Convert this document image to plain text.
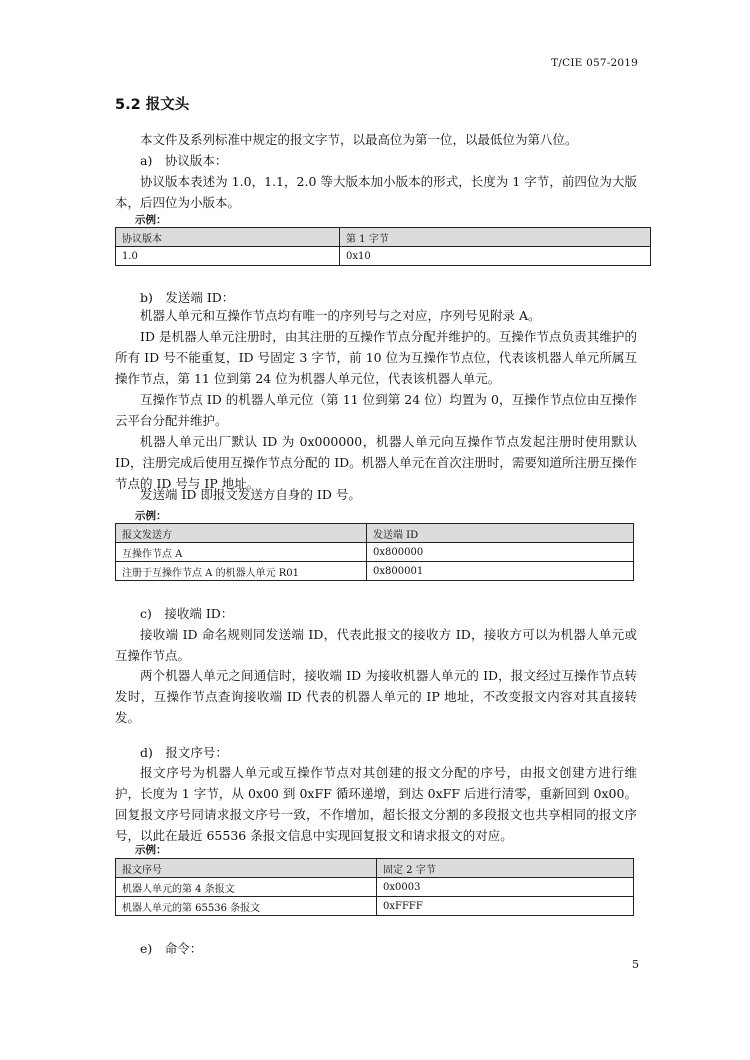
T/CIE 057-2019
5.2 报文头

本文件及系列标准中规定的报文字节，以最高位为第一位，以最低位为第八位。

a)　协议版本：

协议版本表述为 1.0，1.1，2.0 等大版本加小版本的形式，长度为 1 字节，前四位为大版本，后四位为小版本。

示例：
协议版本	第 1 字节
1.0	0x10
b)　发送端 ID：

机器人单元和互操作节点均有唯一的序列号与之对应，序列号见附录 A。

ID 是机器人单元注册时，由其注册的互操作节点分配并维护的。互操作节点负责其维护的所有 ID 号不能重复，ID 号固定 3 字节，前 10 位为互操作节点位，代表该机器人单元所属互操作节点，第 11 位到第 24 位为机器人单元位，代表该机器人单元。

互操作节点 ID 的机器人单元位（第 11 位到第 24 位）均置为 0，互操作节点位由互操作云平台分配并维护。

机器人单元出厂默认 ID 为 0x000000，机器人单元向互操作节点发起注册时使用默认 ID，注册完成后使用互操作节点分配的 ID。机器人单元在首次注册时，需要知道所注册互操作节点的 ID 号与 IP 地址。

发送端 ID 即报文发送方自身的 ID 号。

示例：
报文发送方	发送端 ID
互操作节点 A	0x800000
注册于互操作节点 A 的机器人单元 R01	0x800001
c)　接收端 ID：

接收端 ID 命名规则同发送端 ID，代表此报文的接收方 ID，接收方可以为机器人单元或互操作节点。

两个机器人单元之间通信时，接收端 ID 为接收机器人单元的 ID，报文经过互操作节点转发时，互操作节点查询接收端 ID 代表的机器人单元的 IP 地址，不改变报文内容对其直接转发。

d)　报文序号：

报文序号为机器人单元或互操作节点对其创建的报文分配的序号，由报文创建方进行维护，长度为 1 字节，从 0x00 到 0xFF 循环递增，到达 0xFF 后进行清零，重新回到 0x00。回复报文序号同请求报文序号一致，不作增加，超长报文分割的多段报文也共享相同的报文序号，以此在最近 65536 条报文信息中实现回复报文和请求报文的对应。

示例：
报文序号	固定 2 字节
机器人单元的第 4 条报文	0x0003
机器人单元的第 65536 条报文	0xFFFF
e)　命令：
5
